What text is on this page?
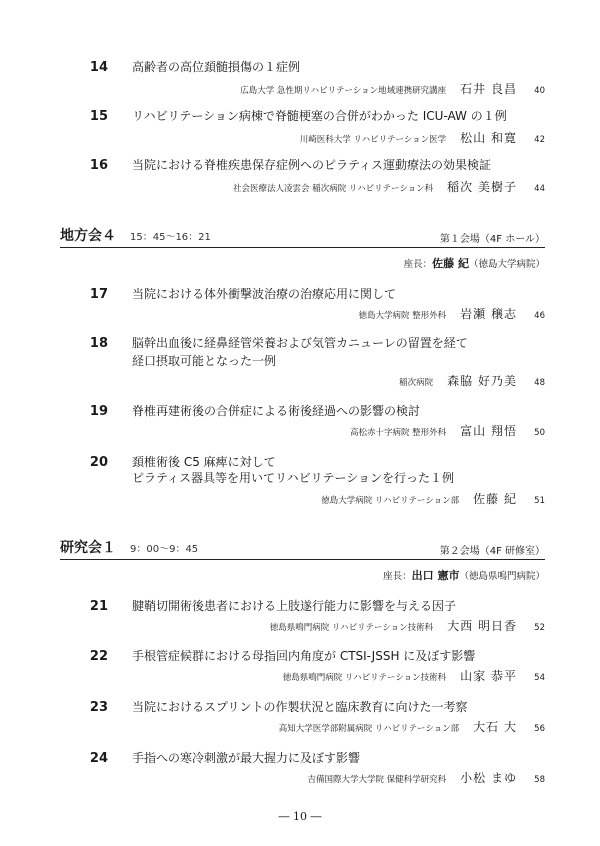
14 高齢者の高位頚髄損傷の１症例
広島大学 急性期リハビリテーション地域連携研究講座 石井 良昌	40
15 リハビリテーション病棟で脊髄梗塞の合併がわかった ICU-AW の１例
川崎医科大学 リハビリテーション医学 松山 和寛	42
16 当院における脊椎疾患保存症例へのピラティス運動療法の効果検証
社会医療法人凌雲会 稲次病院 リハビリテーション科 稲次 美樹子	44
地方会４ 15：45～16：21	第１会場（4F ホール）
座長：佐藤 紀（徳島大学病院）
17 当院における体外衝撃波治療の治療応用に関して
徳島大学病院 整形外科 岩瀬 穣志	46
18 脳幹出血後に経鼻経管栄養および気管カニューレの留置を経て
経口摂取可能となった一例
稲次病院 森脇 好乃美	48
19 脊椎再建術後の合併症による術後経過への影響の検討
高松赤十字病院 整形外科 富山 翔悟	50
20 頚椎術後 C5 麻痺に対して
ピラティス器具等を用いてリハビリテーションを行った１例
徳島大学病院 リハビリテーション部 佐藤 紀	51
研究会１ 9：00～9：45	第２会場（4F 研修室）
座長：出口 憲市（徳島県鳴門病院）
21 腱鞘切開術後患者における上肢遂行能力に影響を与える因子
徳島県鳴門病院 リハビリテーション技術科 大西 明日香	52
22 手根管症候群における母指回内角度が CTSI-JSSH に及ぼす影響
徳島県鳴門病院 リハビリテーション技術科 山家 恭平	54
23 当院におけるスプリントの作製状況と臨床教育に向けた一考察
高知大学医学部附属病院 リハビリテーション部 大石 大	56
24 手指への寒冷刺激が最大握力に及ぼす影響
吉備国際大学大学院 保健科学研究科 小松 まゆ	58
― 10 ―
